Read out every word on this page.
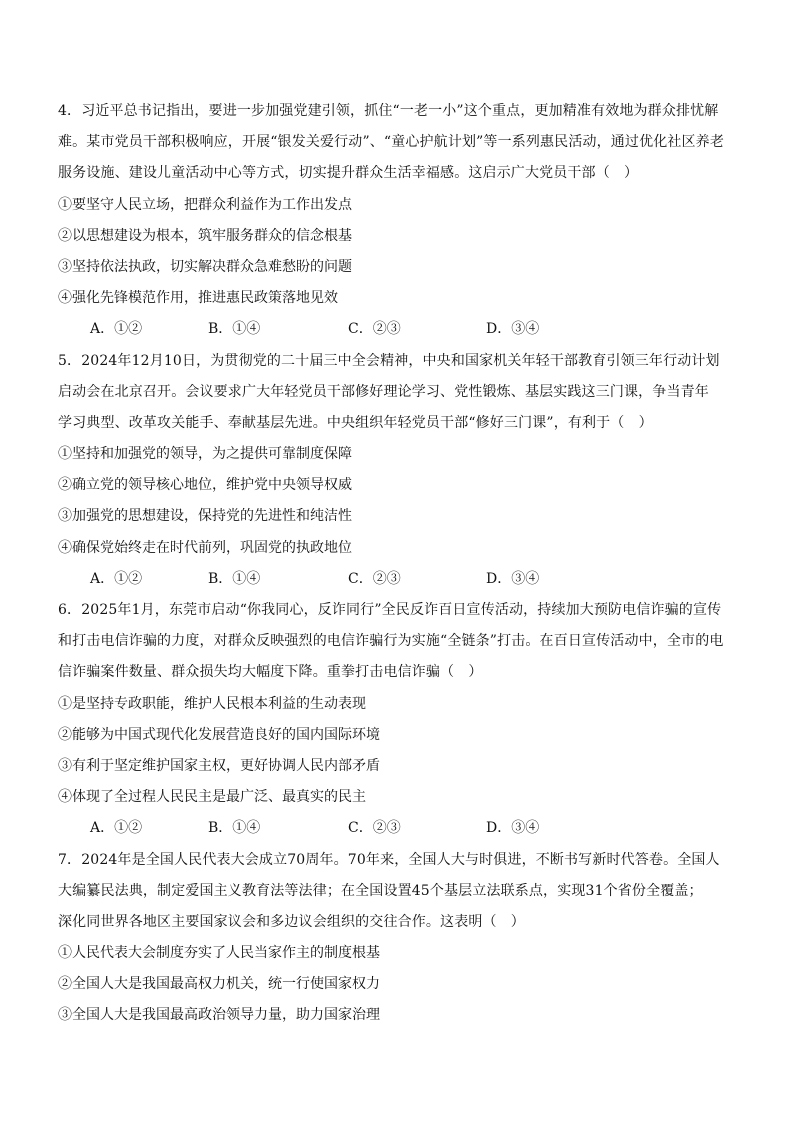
4．习近平总书记指出，要进一步加强党建引领，抓住“一老一小”这个重点，更加精准有效地为群众排忧解
难。某市党员干部积极响应，开展“银发关爱行动”、“童心护航计划”等一系列惠民活动，通过优化社区养老
服务设施、建设儿童活动中心等方式，切实提升群众生活幸福感。这启示广大党员干部（　）
①要坚守人民立场，把群众利益作为工作出发点
②以思想建设为根本，筑牢服务群众的信念根基
③坚持依法执政，切实解决群众急难愁盼的问题
④强化先锋模范作用，推进惠民政策落地见效
A．①②	B．①④	C．②③	D．③④
5．2024年12月10日，为贯彻党的二十届三中全会精神，中央和国家机关年轻干部教育引领三年行动计划
启动会在北京召开。会议要求广大年轻党员干部修好理论学习、党性锻炼、基层实践这三门课，争当青年
学习典型、改革攻关能手、奉献基层先进。中央组织年轻党员干部“修好三门课”，有利于（　）
①坚持和加强党的领导，为之提供可靠制度保障
②确立党的领导核心地位，维护党中央领导权威
③加强党的思想建设，保持党的先进性和纯洁性
④确保党始终走在时代前列，巩固党的执政地位
A．①②	B．①④	C．②③	D．③④
6．2025年1月，东莞市启动“你我同心，反诈同行”全民反诈百日宣传活动，持续加大预防电信诈骗的宣传
和打击电信诈骗的力度，对群众反映强烈的电信诈骗行为实施“全链条”打击。在百日宣传活动中，全市的电
信诈骗案件数量、群众损失均大幅度下降。重拳打击电信诈骗（　）
①是坚持专政职能，维护人民根本利益的生动表现
②能够为中国式现代化发展营造良好的国内国际环境
③有利于坚定维护国家主权，更好协调人民内部矛盾
④体现了全过程人民民主是最广泛、最真实的民主
A．①②	B．①④	C．②③	D．③④
7．2024年是全国人民代表大会成立70周年。70年来，全国人大与时俱进，不断书写新时代答卷。全国人
大编纂民法典，制定爱国主义教育法等法律；在全国设置45个基层立法联系点，实现31个省份全覆盖；
深化同世界各地区主要国家议会和多边议会组织的交往合作。这表明（　）
①人民代表大会制度夯实了人民当家作主的制度根基
②全国人大是我国最高权力机关，统一行使国家权力
③全国人大是我国最高政治领导力量，助力国家治理
